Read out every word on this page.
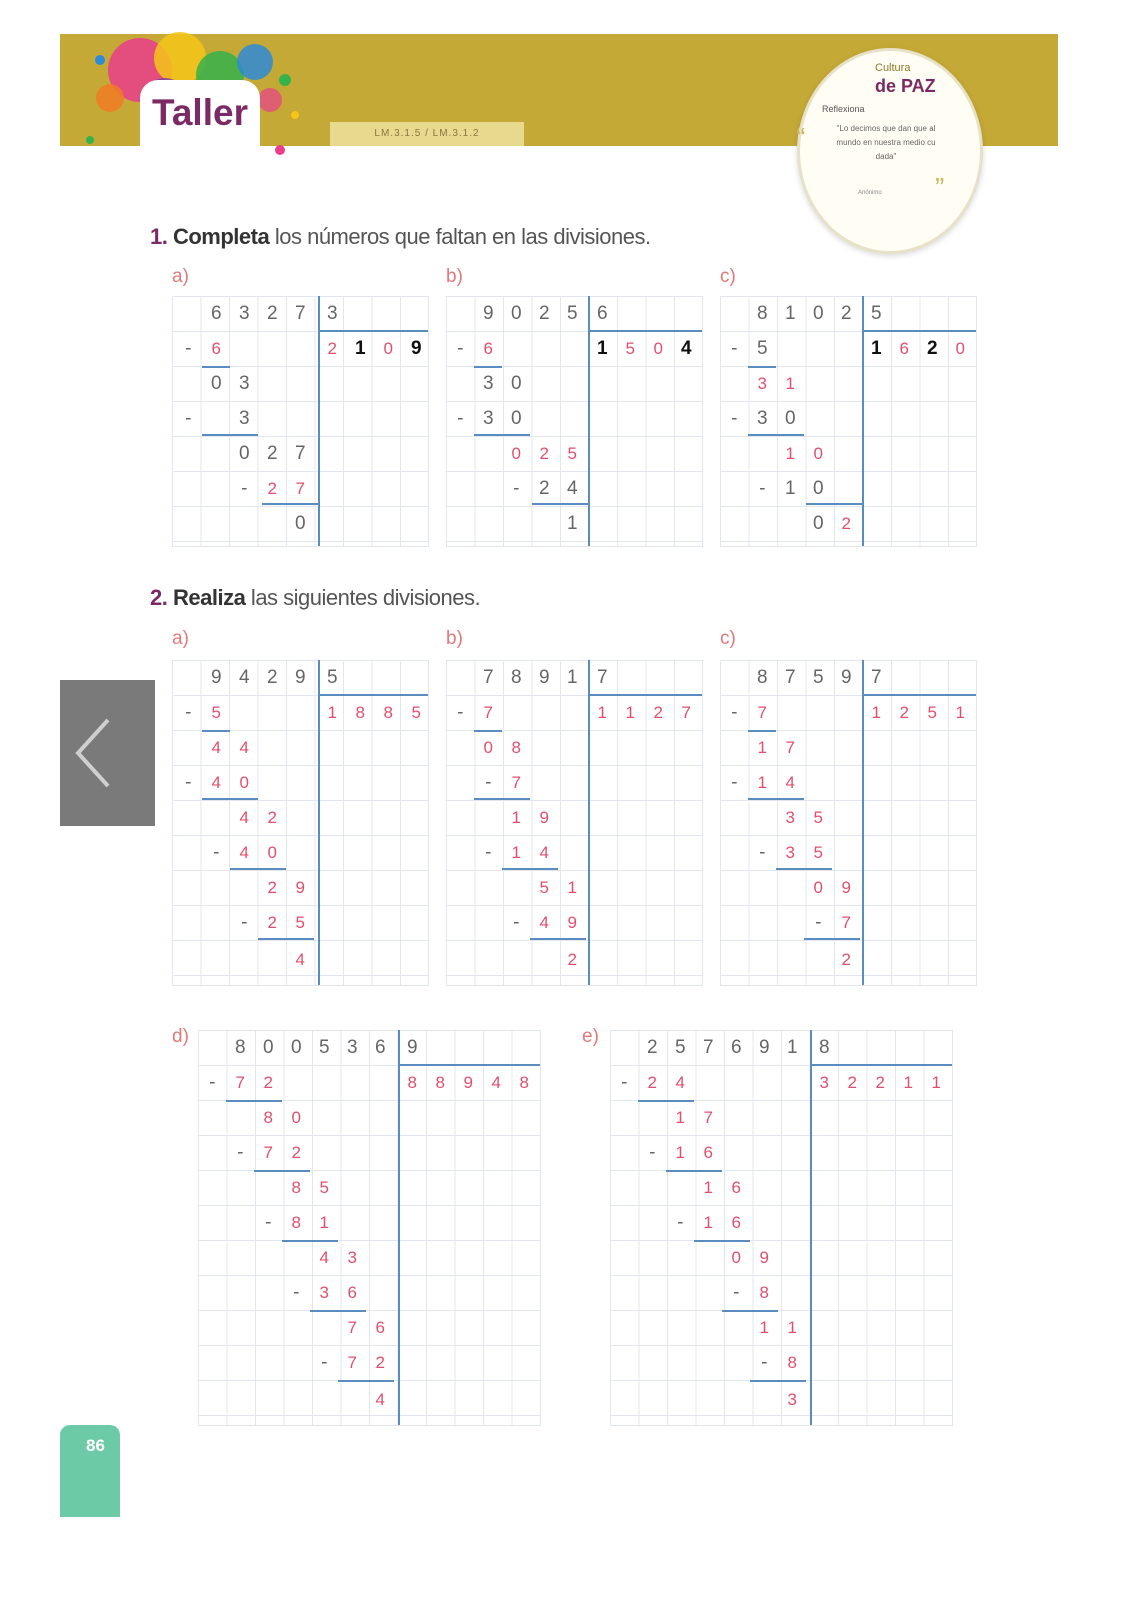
Taller
LM.3.1.5 / LM.3.1.2
Cultura
de PAZ
Reflexiona
“	"Lo decimos que dan que al mundo en nuestra medio cu dada"
”
Anónimo
1. Completa los números que faltan en las divisiones.
a)	b)	c)
6 3 2 7	3
-	6	2 1	0 9
0 3
-	3
0 2 7
-	2	7
0
9 0 2 5	6
-	6	1	5	0 4
3 0
-	3 0
0	2	5
-	2 4
1
8 1 0 2	5
-	5	1	6 2	0
3	1
-	3 0
1	0
-	1 0
0	2
2. Realiza las siguientes divisiones.
a)	b)	c)
9 4 2 9	5
-	5	1	8	8	5
4	4
-	4	0
4	2
-	4	0
2	9
-	2	5
4
7 8 9 1	7
-	7	1	1	2	7
0	8
-	7
1	9
-	1	4
5	1
-	4	9
2
8 7 5 9	7
-	7	1	2	5	1
1	7
-	1	4
3	5
-	3	5
0	9
-	7
2
d)	e)
8 0 0 5 3 6	9
-	7	2	8	8	9	4	8
8	0
-	7	2
8	5
-	8	1
4	3
-	3	6
7	6
-	7	2
4
2 5 7 6 9 1	8
-	2	4	3	2	2	1	1
1	7
-	1	6
1	6
-	1	6
0	9
-	8
1	1
-	8
3
86
